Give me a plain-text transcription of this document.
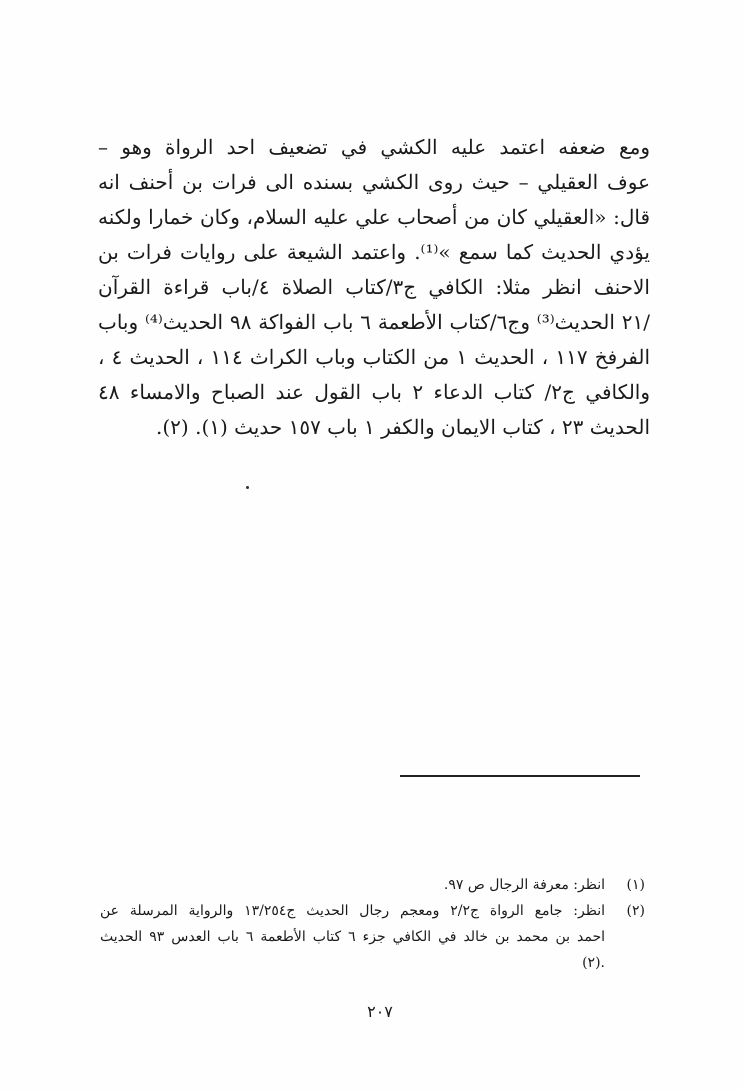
ومع ضعفه اعتمد عليه الكشي في تضعيف احد الرواة وهو –
عوف العقيلي – حيث روى الكشي بسنده الى فرات بن أحنف انه
قال: «العقيلي كان من أصحاب علي عليه السلام، وكان خمارا ولكنه
يؤدي الحديث كما سمع »⁽¹⁾. واعتمد الشيعة على روايات فرات بن
الاحنف انظر مثلا: الكافي ج٣/كتاب الصلاة ٤/باب قراءة القرآن
/٢١ الحديث⁽³⁾ وج٦/كتاب الأطعمة ٦ باب الفواكة ٩٨ الحديث⁽⁴⁾ وباب
الفرفخ ١١٧ ، الحديث ١ من الكتاب وباب الكراث ١١٤ ، الحديث ٤ ،
والكافي ج٢/ كتاب الدعاء ٢ باب القول عند الصباح والامساء ٤٨
الحديث ٢٣ ، كتاب الايمان والكفر ١ باب ١٥٧ حديث (١). (٢).
(١)
انظر: معرفة الرجال ص ٩٧.
(٢)
انظر: جامع الرواة ج٢/٢ ومعجم رجال الحديث ج١٣/٢٥٤ والرواية المرسلة عن
احمد بن محمد بن خالد في الكافي جزء ٦ كتاب الأطعمة ٦ باب العدس ٩٣ الحديث
.(٢)
٢٠٧
